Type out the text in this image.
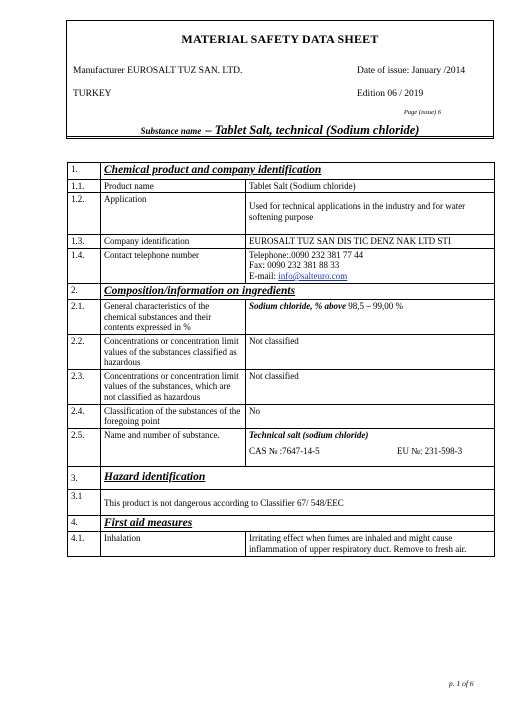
MATERIAL SAFETY DATA SHEET
Manufacturer EUROSALT TUZ SAN. LTD.
TURKEY
Date of issue: January /2014
Edition 06 / 2019
Page (issue) 6
Substance name – Tablet Salt, technical (Sodium chloride)
1.	Chemical product and company identification	
1.1.	Product name	Tablet Salt (Sodium chloride)
1.2.	Application	Used for technical applications in the industry and for water softening purpose
1.3.	Company identification	EUROSALT TUZ SAN DIS TIC DENZ NAK LTD STI
1.4.	Contact telephone number	Telephone:.0090 232 381 77 44
Fax: 0090 232 381 88 33
E-mail: info@salteuro.com

2.	Composition/information on ingredients	
2.1.	General characteristics of the chemical substances and their contents expressed in %	Sodium chloride, % above 98,5 – 99,00 %
2.2.	Concentrations or concentration limit values of the substances classified as hazardous	Not classified
2.3.	Concentrations or concentration limit values of the substances, which are not classified as hazardous	Not classified
2.4.	Classification of the substances of the foregoing point	No
2.5.	Name and number of substance.	Technical salt (sodium chloride)
CAS № :7647-14-5 EU №: 231-598-3

3.	Hazard identification	
3.1	This product is not dangerous according to Classifier 67/ 548/EEC	
4.	First aid measures	
4.1.	Inhalation	Irritating effect when fumes are inhaled and might cause inflammation of upper respiratory duct. Remove to fresh air.
p. 1 of 6
